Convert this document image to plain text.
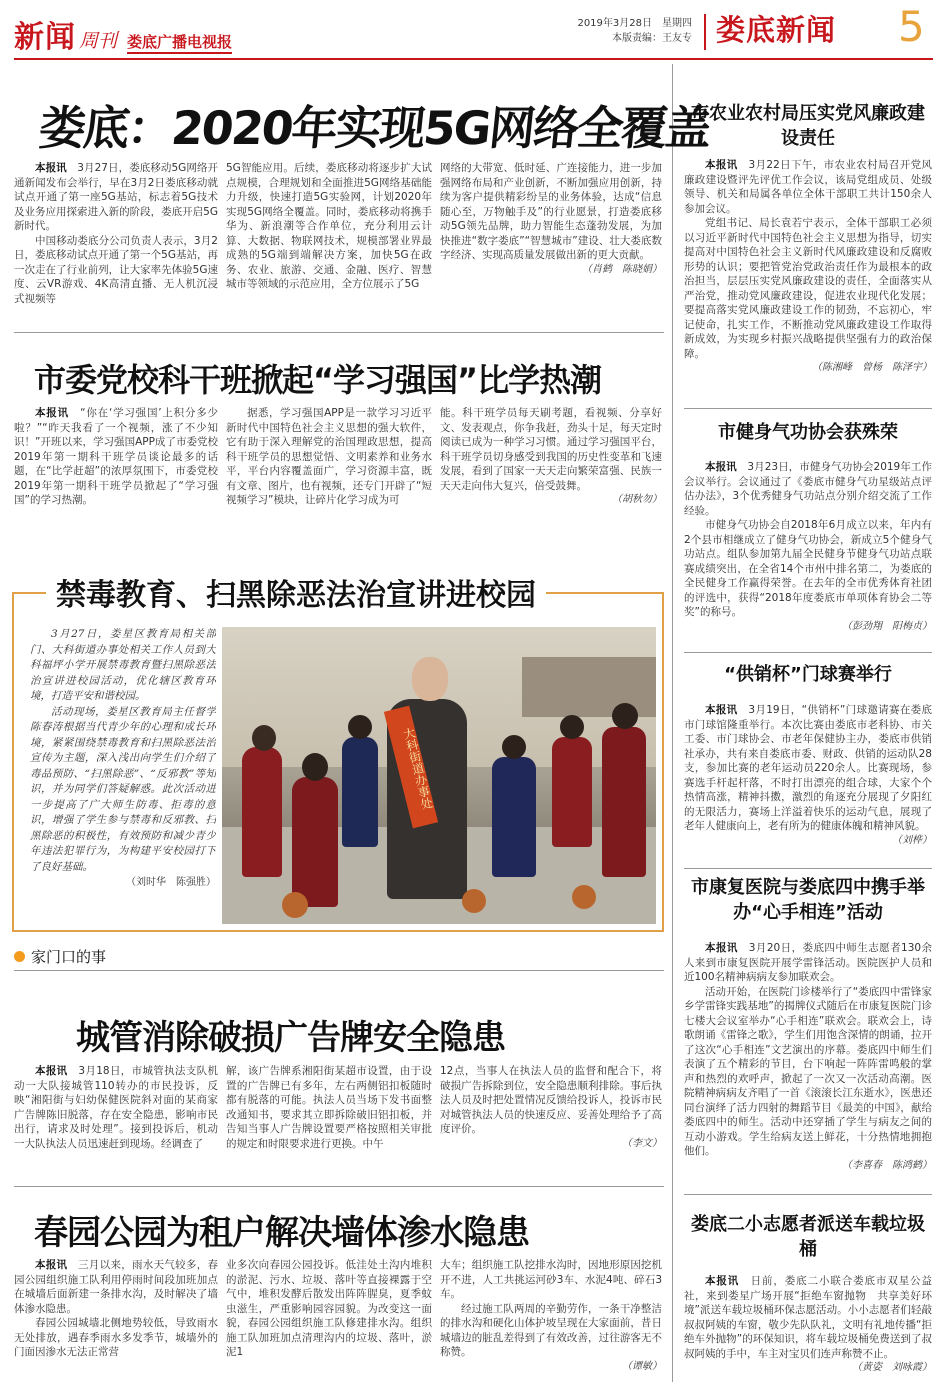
新闻 周刊 娄底广播电视报
2019年3月28日　星期四
本版责编：王友专 娄底新闻 5
娄底：2020年实现5G网络全覆盖

本报讯　 3月27日，娄底移动5G网络开通新闻发布会举行，早在3月2日娄底移动就试点开通了第一座5G基站，标志着5G技术及业务应用探索进入新的阶段，娄底开启5G新时代。

中国移动娄底分公司负责人表示，3月2日，娄底移动试点开通了第一个5G基站，再一次走在了行业前列，让大家率先体验5G速度、云VR游戏、4K高清直播、无人机沉浸式视频等

5G智能应用。后续，娄底移动将逐步扩大试点规模，合理规划和全面推进5G网络基础能力升级，快速打造5G实验网，计划2020年实现5G网络全覆盖。同时，娄底移动将携手华为、新浪潮等合作单位，充分利用云计算、大数据、物联网技术，规模部署业界最成熟的5G端到端解决方案，加快5G在政务、农业、旅游、交通、金融、医疗、智慧城市等领域的示范应用，全方位展示了5G

网络的大带宽、低时延、广连接能力，进一步加强网络布局和产业创新，不断加强应用创新，持续为客户提供精彩纷呈的业务体验，达成“信息随心至，万物触手及”的行业愿景，打造娄底移动5G领先品牌，助力智能生态蓬勃发展，为加快推进“数字娄底”“智慧城市”建设、壮大娄底数字经济、实现高质量发展做出新的更大贡献。

（肖鹤　陈晓娟）
市委党校科干班掀起“学习强国”比学热潮

本报讯　 “你在‘学习强国’上积分多少啦？”“昨天我看了一个视频，涨了不少知识！”开班以来，学习强国APP成了市委党校2019年第一期科干班学员谈论最多的话题，在“比学赶超”的浓厚氛围下，市委党校2019年第一期科干班学员掀起了“学习强国”的学习热潮。

据悉，学习强国APP是一款学习习近平新时代中国特色社会主义思想的强大软件，它有助于深入理解党的治国理政思想，提高科干班学员的思想觉悟、文明素养和业务水平，平台内容覆盖面广，学习资源丰富，既有文章、图片，也有视频，还专门开辟了“短视频学习”模块，让碎片化学习成为可

能。科干班学员每天刷考题，看视频、分享好文、发表观点，你争我赶，劲头十足，每天定时阅读已成为一种学习习惯。通过学习强国平台，科干班学员切身感受到我国的历史性变革和飞速发展，看到了国家一天天走向繁荣富强、民族一天天走向伟大复兴，倍受鼓舞。

（胡秋勿）
禁毒教育、扫黑除恶法治宣讲进校园

3月27日，娄星区教育局相关部门、大科街道办事处相关工作人员到大科福坪小学开展禁毒教育暨扫黑除恶法治宣讲进校园活动，优化辖区教育环境，打造平安和谐校园。

活动现场，娄星区教育局主任督学陈春涛根据当代青少年的心理和成长环境，紧紧围绕禁毒教育和扫黑除恶法治宣传为主题，深入浅出向学生们介绍了毒品预防、“扫黑除恶”、“反邪教”等知识，并为同学们答疑解惑。此次活动进一步提高了广大师生防毒、拒毒的意识，增强了学生参与禁毒和反邪教、扫黑除恶的积极性，有效预防和减少青少年违法犯罪行为，为构建平安校园打下了良好基础。

（刘时华　陈强胜）
大科街道办事处
家门口的事
城管消除破损广告牌安全隐患

本报讯　 3月18日，市城管执法支队机动一大队接城管110转办的市民投诉，反映“湘阳街与妇幼保健医院斜对面的某商家广告牌陈旧脱落，存在安全隐患，影响市民出行，请求及时处理”。接到投诉后，机动一大队执法人员迅速赶到现场。经调查了

解，该广告牌系湘阳街某超市设置，由于设置的广告牌已有多年，左右两侧铝扣板随时都有脱落的可能。执法人员当场下发书面整改通知书，要求其立即拆除破旧铝扣板，并告知当事人广告牌设置要严格按照相关审批的规定和时限要求进行更换。中午

12点，当事人在执法人员的监督和配合下，将破损广告拆除到位，安全隐患顺利排除。事后执法人员及时把处置情况反馈给投诉人，投诉市民对城管执法人员的快速反应、妥善处理给予了高度评价。

（李文）
春园公园为租户解决墙体渗水隐患

本报讯　 三月以来，雨水天气较多，春园公园组织施工队利用停雨时间段加班加点在城墙后面新建一条排水沟，及时解决了墙体渗水隐患。

春园公园城墙北侧地势较低，导致雨水无处排放，遇春季雨水多发季节，城墙外的门面因渗水无法正常营

业多次向春园公园投诉。低洼处土沟内堆积的淤泥、污水、垃圾、落叶等直接裸露于空气中，堆积发酵后散发出阵阵腥臭，夏季蚊虫滋生，严重影响园容园貌。为改变这一面貌，春园公园组织施工队修建排水沟。组织施工队加班加点清理沟内的垃圾、落叶，淤泥1

大车；组织施工队挖排水沟时，因地形原因挖机开不进，人工共挑运河砂3车、水泥4吨、碎石3车。

经过施工队两周的辛勤劳作，一条干净整洁的排水沟和硬化山体护坡呈现在大家面前，昔日城墙边的脏乱差得到了有效改善，过往游客无不称赞。

（谭敏）
市农业农村局压实党风廉政建设责任

本报讯　 3月22日下午，市农业农村局召开党风廉政建设暨评先评优工作会议，该局党组成员、处级领导、机关和局属各单位全体干部职工共计150余人参加会议。

党组书记、局长袁若宁表示，全体干部职工必须以习近平新时代中国特色社会主义思想为指导，切实提高对中国特色社会主义新时代风廉政建设和反腐败形势的认识；要把管党治党政治责任作为最根本的政治担当，层层压实党风廉政建设的责任，全面落实从严治党，推动党风廉政建设，促进农业现代化发展；要提高落实党风廉政建设工作的韧劲，不忘初心，牢记使命，扎实工作，不断推动党风廉政建设工作取得新成效，为实现乡村振兴战略提供坚强有力的政治保障。

（陈湘峰　曾杨　陈泽宇）
市健身气功协会获殊荣

本报讯　 3月23日，市健身气功协会2019年工作会议举行。会议通过了《娄底市健身气功星级站点评估办法》，3个优秀健身气功站点分别介绍交流了工作经验。

市健身气功协会自2018年6月成立以来，年内有2个县市相继成立了健身气功协会，新成立5个健身气功站点。组队参加第九届全民健身节健身气功站点联赛成绩突出，在全省14个市州中排名第二，为娄底的全民健身工作赢得荣誉。在去年的全市优秀体育社团的评选中，获得“2018年度娄底市单项体育协会二等奖”的称号。

（彭劲翔　阳梅贞）
“供销杯”门球赛举行

本报讯　 3月19日，“供销杯”门球邀请赛在娄底市门球馆隆重举行。本次比赛由娄底市老科协、市关工委、市门球协会、市老年保健协主办，娄底市供销社承办，共有来自娄底市委、财政、供销的运动队28支，参加比赛的老年运动员220余人。比赛现场，参赛选手杆起杆落，不时打出漂亮的组合球，大家个个热情高涨，精神抖擞，激烈的角逐充分展现了夕阳红的无限活力，赛场上洋溢着快乐的运动气息，展现了老年人健康向上，老有所为的健康体魄和精神风貌。

（刘桦）
市康复医院与娄底四中携手举办“心手相连”活动

本报讯　 3月20日，娄底四中师生志愿者130余人来到市康复医院开展学雷锋活动。医院医护人员和近100名精神病病友参加联欢会。

活动开始，在医院门诊楼举行了“娄底四中雷锋家乡学雷锋实践基地”的揭牌仪式随后在市康复医院门诊七楼大会议室举办“心手相连”联欢会。联欢会上，诗歌朗诵《雷锋之歌》，学生们用饱含深情的朗诵，拉开了这次“心手相连”文艺演出的序幕。娄底四中师生们表演了五个精彩的节目，台下响起一阵阵雷鸣般的掌声和热烈的欢呼声，掀起了一次又一次活动高潮。医院精神病病友齐唱了一首《滚滚长江东逝水》，医患还同台演绎了活力四射的舞蹈节目《最美的中国》，献给娄底四中的师生。活动中还穿插了学生与病友之间的互动小游戏。学生给病友送上鲜花，十分热情地拥抱他们。

（李喜春　陈鸿鹤）
娄底二小志愿者派送车载垃圾桶

本报讯　 日前，娄底二小联合娄底市双星公益社，来到娄星广场开展“拒绝车窗抛物　共享美好环境”派送车载垃圾桶环保志愿活动。小小志愿者们轻敲叔叔阿姨的车窗，敬少先队队礼，文明有礼地传播“拒绝车外抛物”的环保知识，将车载垃圾桶免费送到了叔叔阿姨的手中，车主对宝贝们连声称赞不止。

（黄姿　刘咏霞）
